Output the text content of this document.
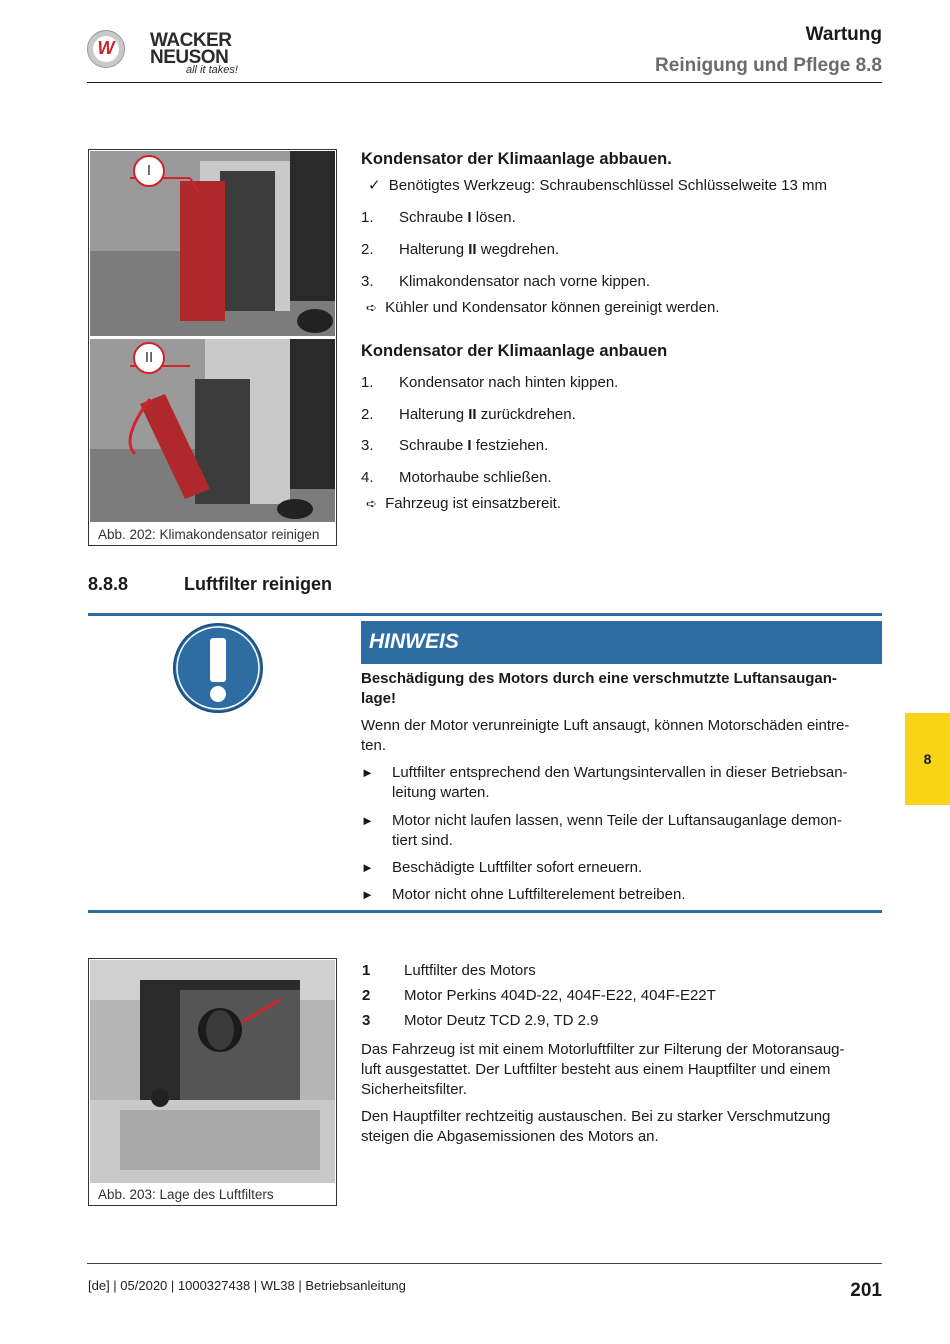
W	WACKER
NEUSON
all it takes!
Wartung
Reinigung und Pflege 8.8
I
II
Abb. 202: Klimakondensator reinigen
Kondensator der Klimaanlage abbauen.
✓ Benötigtes Werkzeug: Schraubenschlüssel Schlüsselweite 13 mm
1. Schraube I lösen.
2. Halterung II wegdrehen.
3. Klimakondensator nach vorne kippen.
➪ Kühler und Kondensator können gereinigt werden.
Kondensator der Klimaanlage anbauen
1. Kondensator nach hinten kippen.
2. Halterung II zurückdrehen.
3. Schraube I festziehen.
4. Motorhaube schließen.
➪ Fahrzeug ist einsatzbereit.
8.8.8	Luftfilter reinigen
HINWEIS
Beschädigung des Motors durch eine verschmutzte Luftansaugan-
lage!
Wenn der Motor verunreinigte Luft ansaugt, können Motorschäden eintre-
ten.
► Luftfilter entsprechend den Wartungsintervallen in dieser Betriebsan-
leitung warten.
► Motor nicht laufen lassen, wenn Teile der Luftansauganlage demon-
tiert sind.
► Beschädigte Luftfilter sofort erneuern.
► Motor nicht ohne Luftfilterelement betreiben.
Abb. 203: Lage des Luftfilters
1 Luftfilter des Motors
2 Motor Perkins 404D-22, 404F-E22, 404F-E22T
3 Motor Deutz TCD 2.9, TD 2.9
Das Fahrzeug ist mit einem Motorluftfilter zur Filterung der Motoransaug-
luft ausgestattet. Der Luftfilter besteht aus einem Hauptfilter und einem
Sicherheitsfilter.
Den Hauptfilter rechtzeitig austauschen. Bei zu starker Verschmutzung
steigen die Abgasemissionen des Motors an.
8
[de] | 05/2020 | 1000327438 | WL38 | Betriebsanleitung	201
